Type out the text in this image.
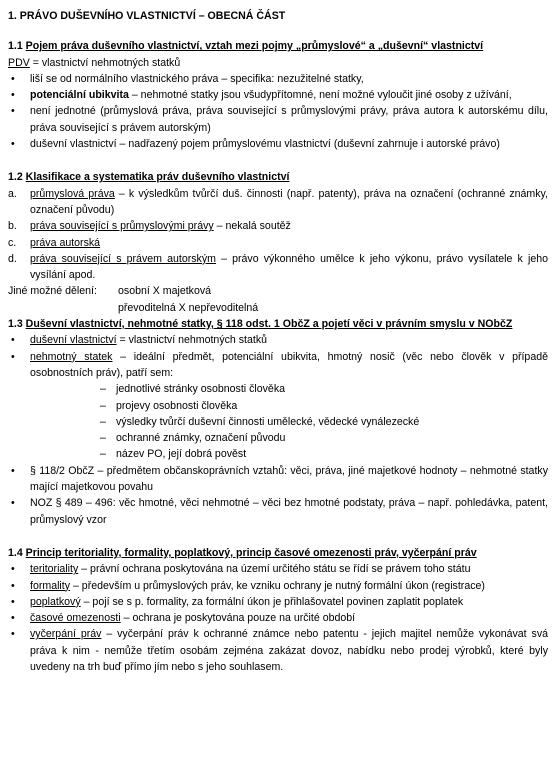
1. PRÁVO DUŠEVNÍHO VLASTNICTVÍ – OBECNÁ ČÁST
1.1 Pojem práva duševního vlastnictví, vztah mezi pojmy „průmyslové“ a „duševní“ vlastnictví
PDV = vlastnictví nehmotných statků
• liší se od normálního vlastnického práva – specifika: nezužitelné statky,
• potenciální ubikvita – nehmotné statky jsou všudypřítomné, není možné vyloučit jiné osoby z užívání,
• není jednotné (průmyslová práva, práva související s průmyslovými právy, práva autora k autorskému dílu, práva související s právem autorským)
• duševní vlastnictví – nadřazený pojem průmyslovému vlastnictví (duševní zahrnuje i autorské právo)
1.2 Klasifikace a systematika práv duševního vlastnictví
a. průmyslová práva – k výsledkům tvůrčí duš. činnosti (např. patenty), práva na označení (ochranné známky, označení původu)
b. práva související s průmyslovými právy – nekalá soutěž
c. práva autorská
d. práva související s právem autorským – právo výkonného umělce k jeho výkonu, právo vysílatele k jeho vysílání apod.
Jiné možné dělení:	osobní X majetková
převoditelná X nepřevoditelná
1.3 Duševní vlastnictví, nehmotné statky, § 118 odst. 1 ObčZ a pojetí věci v právním smyslu v NObčZ
• duševní vlastnictví = vlastnictví nehmotných statků
• nehmotný statek – ideální předmět, potenciální ubikvita, hmotný nosič (věc nebo člověk v případě osobnostních práv), patří sem:
– jednotlivé stránky osobnosti člověka
– projevy osobnosti člověka
– výsledky tvůrčí duševní činnosti umělecké, vědecké vynálezecké
– ochranné známky, označení původu
– název PO, její dobrá pověst
• § 118/2 ObčZ – předmětem občanskoprávních vztahů: věci, práva, jiné majetkové hodnoty – nehmotné statky mající majetkovou povahu
• NOZ § 489 – 496: věc hmotné, věci nehmotné – věci bez hmotné podstaty, práva – např. pohledávka, patent, průmyslový vzor
1.4 Princip teritoriality, formality, poplatkový, princip časové omezenosti práv, vyčerpání práv
• teritoriality – právní ochrana poskytována na území určitého státu se řídí se právem toho státu
• formality – především u průmyslových práv, ke vzniku ochrany je nutný formální úkon (registrace)
• poplatkový – pojí se s p. formality, za formální úkon je přihlašovatel povinen zaplatit poplatek
• časové omezenosti – ochrana je poskytována pouze na určité období
• vyčerpání práv – vyčerpání práv k ochranné známce nebo patentu - jejich majitel nemůže vykonávat svá práva k nim - nemůže třetím osobám zejména zakázat dovoz, nabídku nebo prodej výrobků, které byly uvedeny na trh buď přímo jím nebo s jeho souhlasem.
